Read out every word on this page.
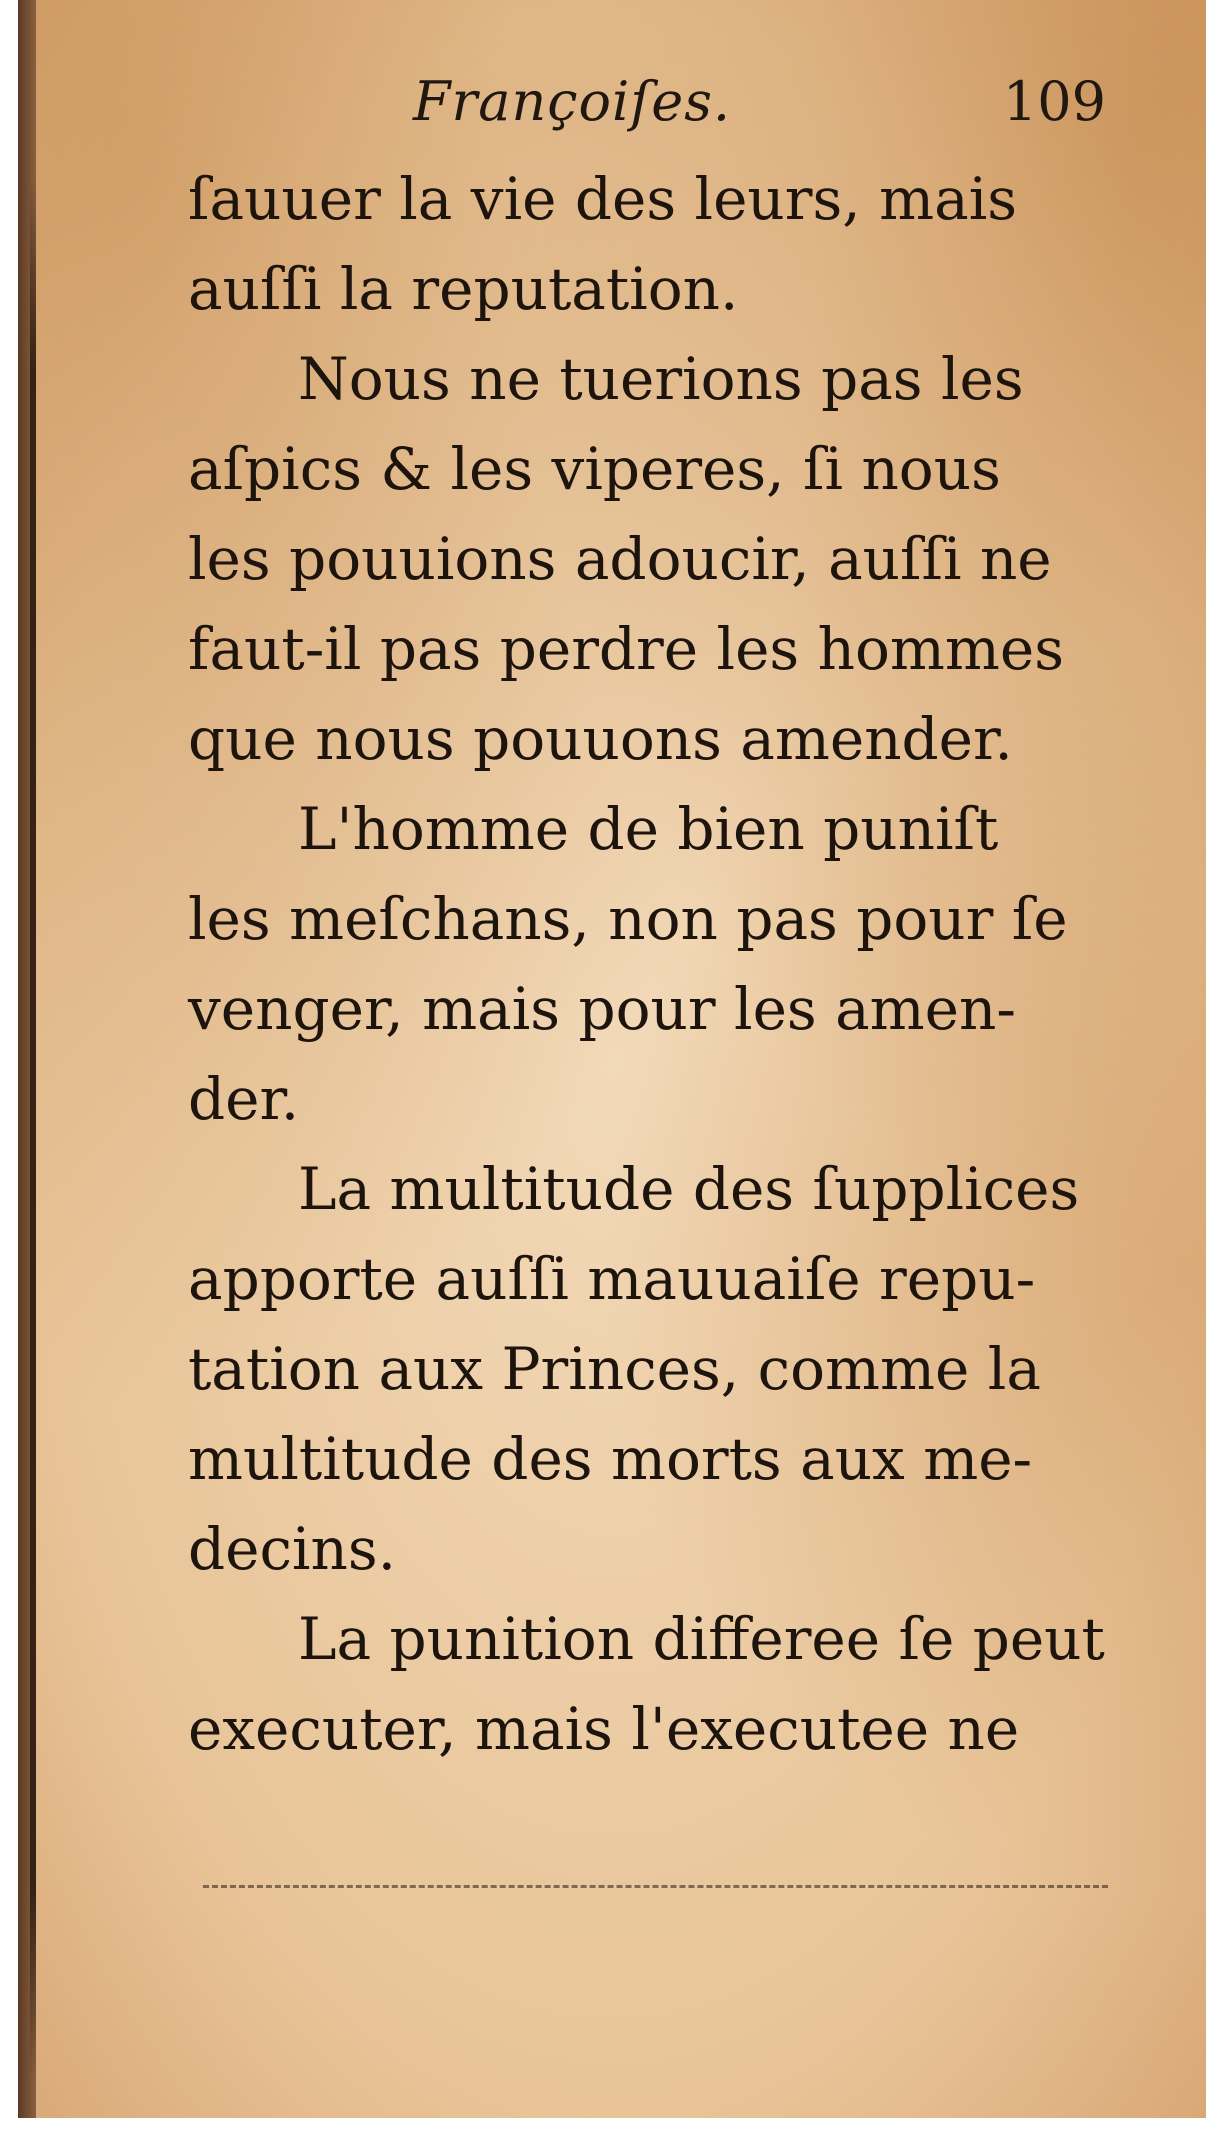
Françoiſes.	109
ſauuer la vie des leurs, mais
auſſi la reputation.
Nous ne tuerions pas les
aſpics & les viperes, ſi nous
les pouuions adoucir, auſſi ne
faut-il pas perdre les hommes
que nous pouuons amender.
L'homme de bien puniſt
les meſchans, non pas pour ſe
venger, mais pour les amen-
der.
La multitude des ſupplices
apporte auſſi mauuaiſe repu-
tation aux Princes, comme la
multitude des morts aux me-
decins.
La punition differee ſe peut
executer, mais l'executee ne
